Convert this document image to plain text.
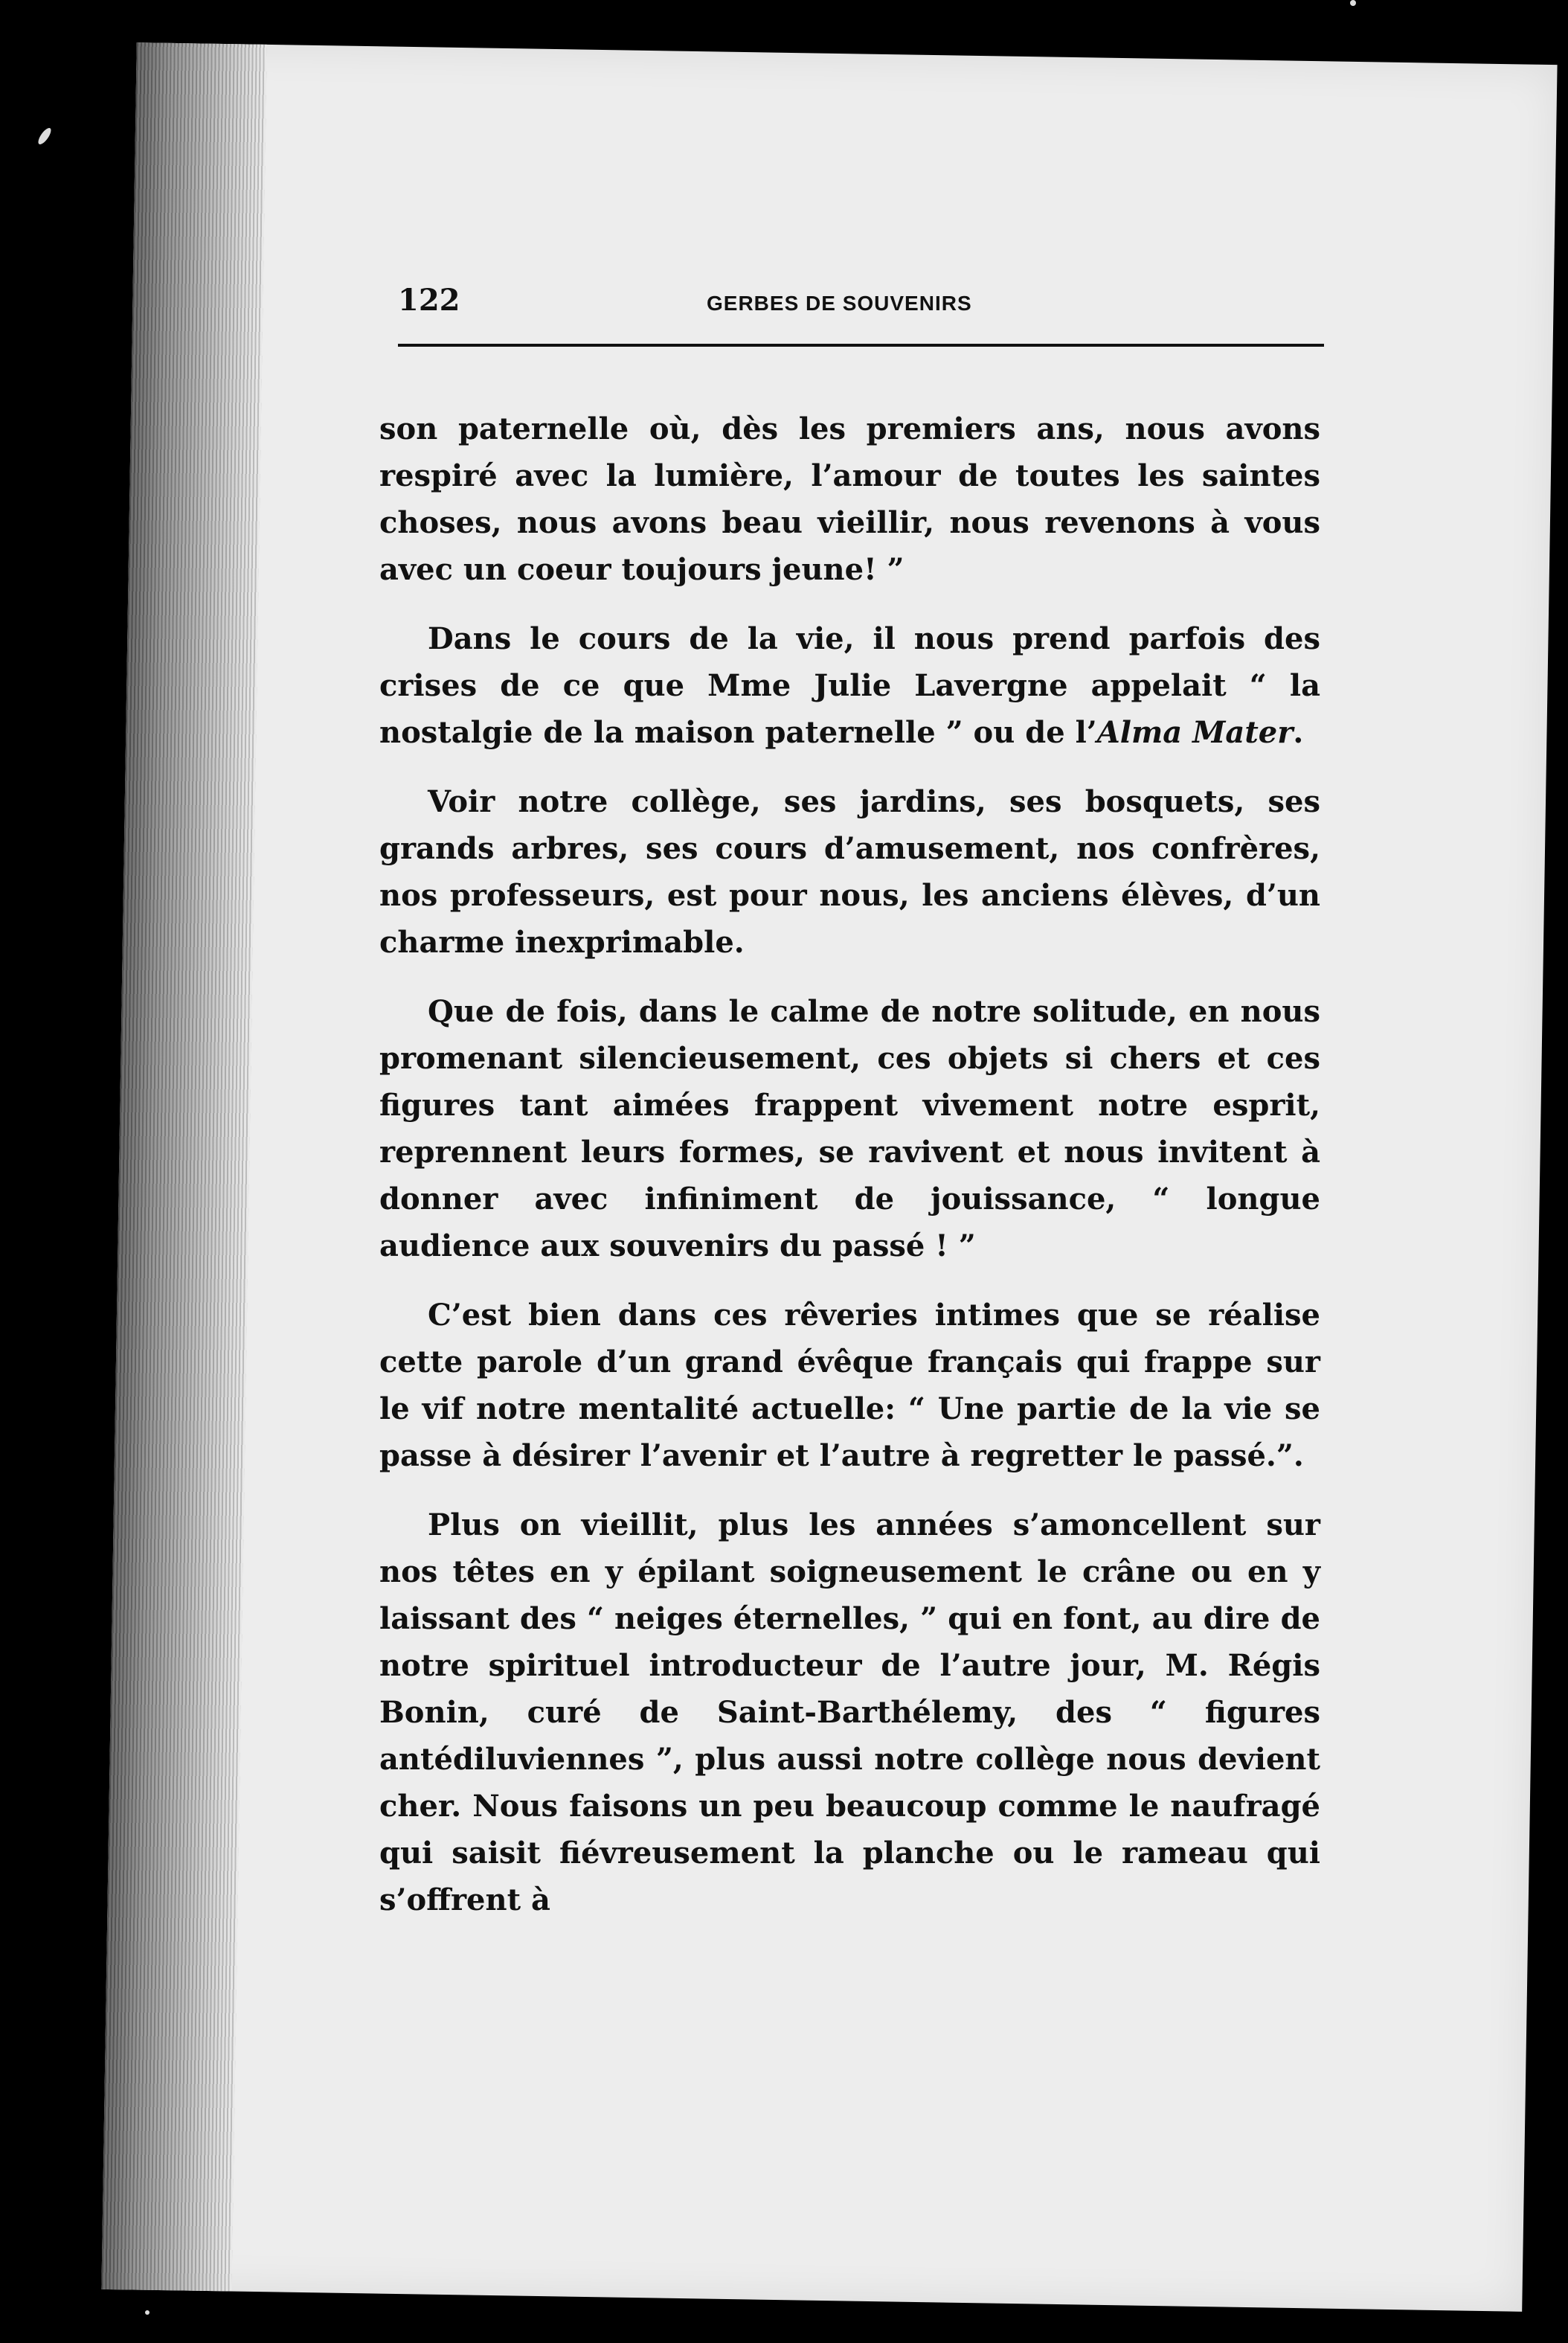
122	GERBES DE SOUVENIRS

son paternelle où, dès les premiers ans, nous avons respiré avec la lumière, l’amour de toutes les saintes choses, nous avons beau vieillir, nous revenons à vous avec un coeur toujours jeune! ”

Dans le cours de la vie, il nous prend parfois des crises de ce que Mme Julie Lavergne appelait “ la nostalgie de la maison paternelle ” ou de l’Alma Mater.

Voir notre collège, ses jardins, ses bosquets, ses grands arbres, ses cours d’amusement, nos confrères, nos professeurs, est pour nous, les anciens élèves, d’un charme inexprimable.

Que de fois, dans le calme de notre solitude, en nous promenant silencieusement, ces objets si chers et ces figures tant aimées frappent vivement notre esprit, reprennent leurs formes, se ravivent et nous invitent à donner avec infiniment de jouissance, “ longue audience aux souvenirs du passé ! ”

C’est bien dans ces rêveries intimes que se réalise cette parole d’un grand évêque français qui frappe sur le vif notre mentalité actuelle: “ Une partie de la vie se passe à désirer l’avenir et l’autre à regretter le passé.”.

Plus on vieillit, plus les années s’amoncellent sur nos têtes en y épilant soigneusement le crâne ou en y laissant des “ neiges éternelles, ” qui en font, au dire de notre spirituel introducteur de l’autre jour, M. Régis Bonin, curé de Saint-Barthélemy, des “ figures antédiluviennes ”, plus aussi notre collège nous devient cher. Nous faisons un peu beaucoup comme le naufragé qui saisit fiévreusement la planche ou le rameau qui s’offrent à
